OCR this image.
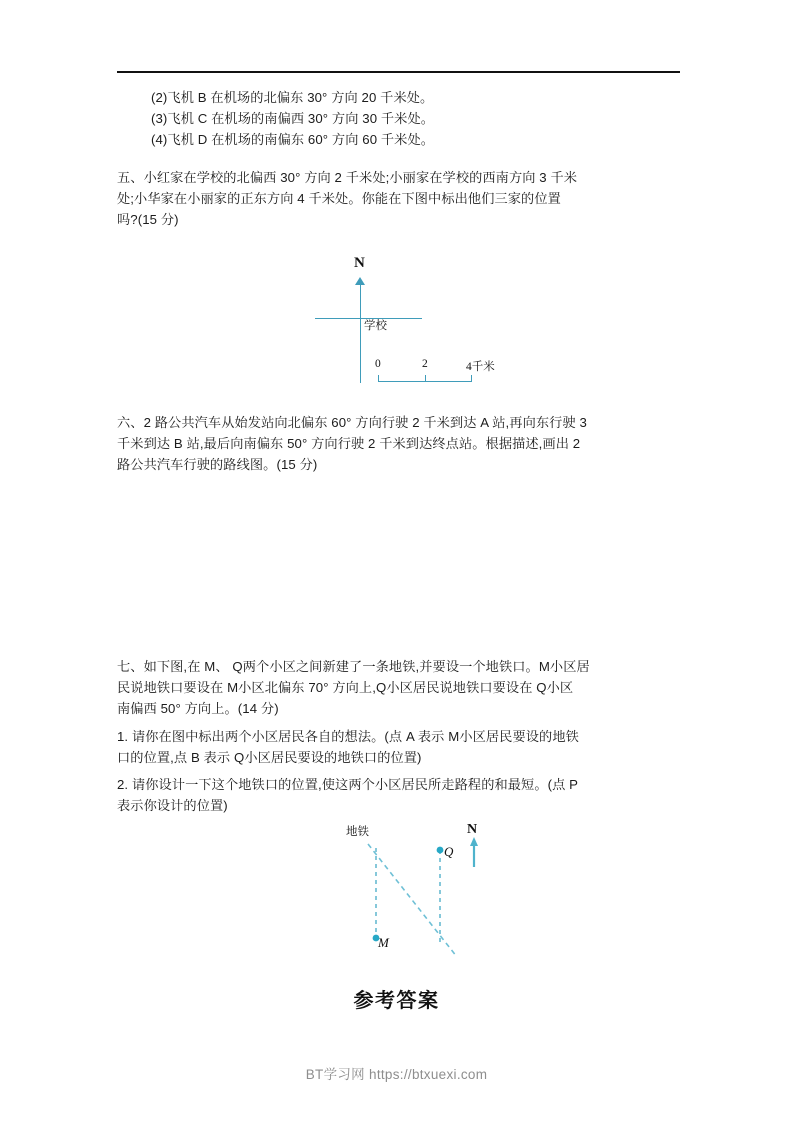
(2)飞机 B 在机场的北偏东 30° 方向 20 千米处。
(3)飞机 C 在机场的南偏西 30° 方向 30 千米处。
(4)飞机 D 在机场的南偏东 60° 方向 60 千米处。
五、小红家在学校的北偏西 30° 方向 2 千米处;小丽家在学校的西南方向 3 千米
处;小华家在小丽家的正东方向 4 千米处。你能在下图中标出他们三家的位置
吗?(15 分)
N
学校
0	2	4千米
六、2 路公共汽车从始发站向北偏东 60° 方向行驶 2 千米到达 A 站,再向东行驶 3
千米到达 B 站,最后向南偏东 50° 方向行驶 2 千米到达终点站。根据描述,画出 2
路公共汽车行驶的路线图。(15 分)
七、如下图,在 M、 Q两个小区之间新建了一条地铁,并要设一个地铁口。M小区居
民说地铁口要设在 M小区北偏东 70° 方向上,Q小区居民说地铁口要设在 Q小区
南偏西 50° 方向上。(14 分)
1. 请你在图中标出两个小区居民各自的想法。(点 A 表示 M小区居民要设的地铁
口的位置,点 B 表示 Q小区居民要设的地铁口的位置)
2. 请你设计一下这个地铁口的位置,使这两个小区居民所走路程的和最短。(点 P
表示你设计的位置)
地铁
Q
M
N
参考答案
BT学习网 https://btxuexi.com
